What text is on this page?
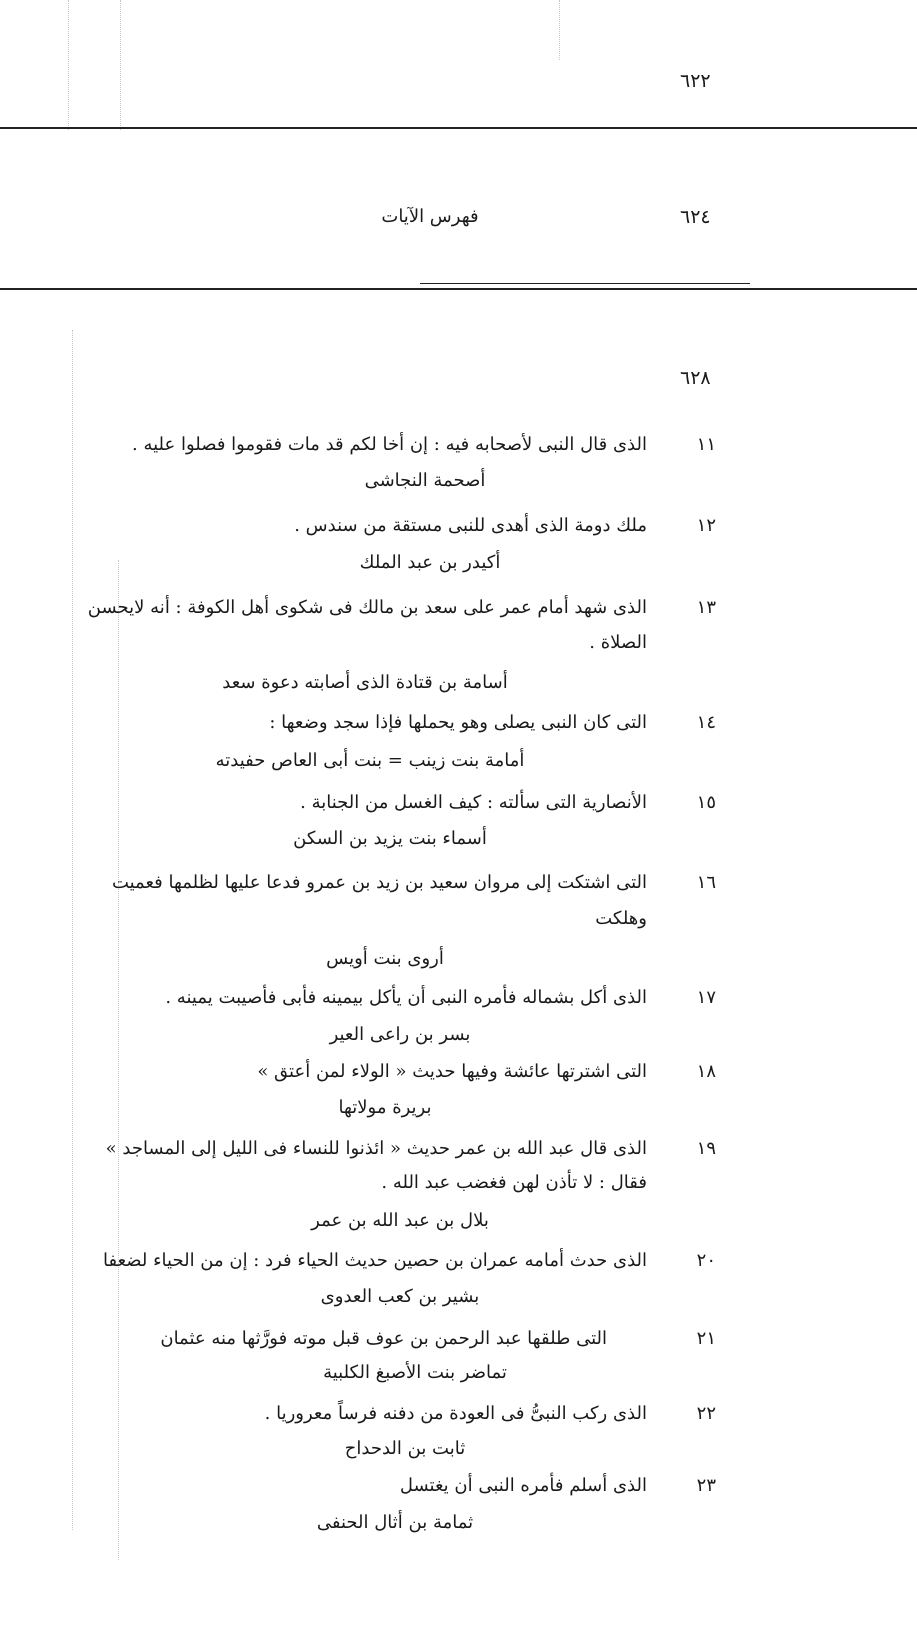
٦٢٢
فهرس الآيات	٦٢٤
٦٢٨
١١
الذى قال النبى لأصحابه فيه : إن أخا لكم قد مات فقوموا فصلوا عليه .
أصحمة النجاشى
١٢
ملك دومة الذى أهدى للنبى مستقة من سندس .
أكيدر بن عبد الملك
١٣
الذى شهد أمام عمر على سعد بن مالك فى شكوى أهل الكوفة : أنه لايحسن
الصلاة .
أسامة بن قتادة الذى أصابته دعوة سعد
١٤
التى كان النبى يصلى وهو يحملها فإذا سجد وضعها :
أمامة بنت زينب = بنت أبى العاص حفيدته
١٥
الأنصارية التى سألته : كيف الغسل من الجنابة .
أسماء بنت يزيد بن السكن
١٦
التى اشتكت إلى مروان سعيد بن زيد بن عمرو فدعا عليها لظلمها فعميت
وهلكت
أروى بنت أويس
١٧
الذى أكل بشماله فأمره النبى أن يأكل بيمينه فأبى فأصيبت يمينه .
بسر بن راعى العير
١٨
التى اشترتها عائشة وفيها حديث « الولاء لمن أعتق »
بريرة مولاتها
١٩
الذى قال عبد الله بن عمر حديث « ائذنوا للنساء فى الليل إلى المساجد »
فقال : لا تأذن لهن فغضب عبد الله .
بلال بن عبد الله بن عمر
٢٠
الذى حدث أمامه عمران بن حصين حديث الحياء فرد : إن من الحياء لضعفا
بشير بن كعب العدوى
٢١
التى طلقها عبد الرحمن بن عوف قبل موته فورَّثها منه عثمان
تماضر بنت الأصبغ الكلبية
٢٢
الذى ركب النبىُّ فى العودة من دفنه فرساً معروريا .
ثابت بن الدحداح
٢٣
الذى أسلم فأمره النبى أن يغتسل
ثمامة بن أثال الحنفى
